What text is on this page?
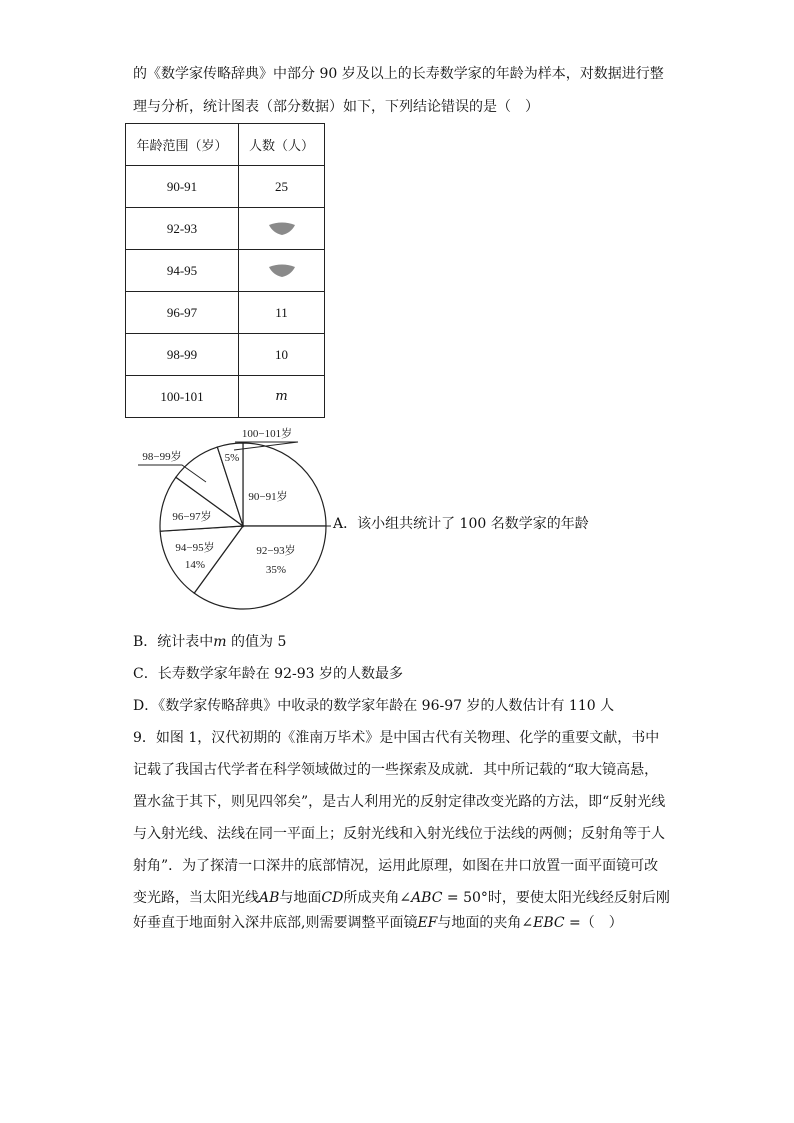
的《数学家传略辞典》中部分 90 岁及以上的长寿数学家的年龄为样本，对数据进行整
理与分析，统计图表（部分数据）如下，下列结论错误的是（　）
年龄范围（岁）	人数（人）
90-91	25
92-93	
94-95	
96-97	11
98-99	10
100-101	m
90−91岁
92−93岁
35%
94−95岁
14%
96−97岁
98−99岁
100−101岁
5%
A．该小组共统计了 100 名数学家的年龄
B．统计表中m 的值为 5
C．长寿数学家年龄在 92-93 岁的人数最多
D．《数学家传略辞典》中收录的数学家年龄在 96-97 岁的人数估计有 110 人
9．如图 1，汉代初期的《淮南万毕术》是中国古代有关物理、化学的重要文献，书中
记载了我国古代学者在科学领域做过的一些探索及成就．其中所记载的“取大镜高悬，
置水盆于其下，则见四邻矣”，是古人利用光的反射定律改变光路的方法，即“反射光线
与入射光线、法线在同一平面上；反射光线和入射光线位于法线的两侧；反射角等于人
射角”．为了探清一口深井的底部情况，运用此原理，如图在井口放置一面平面镜可改
变光路，当太阳光线AB与地面CD所成夹角∠ABC = 50°时，要使太阳光线经反射后刚
好垂直于地面射入深井底部,则需要调整平面镜EF与地面的夹角∠EBC =（　）
